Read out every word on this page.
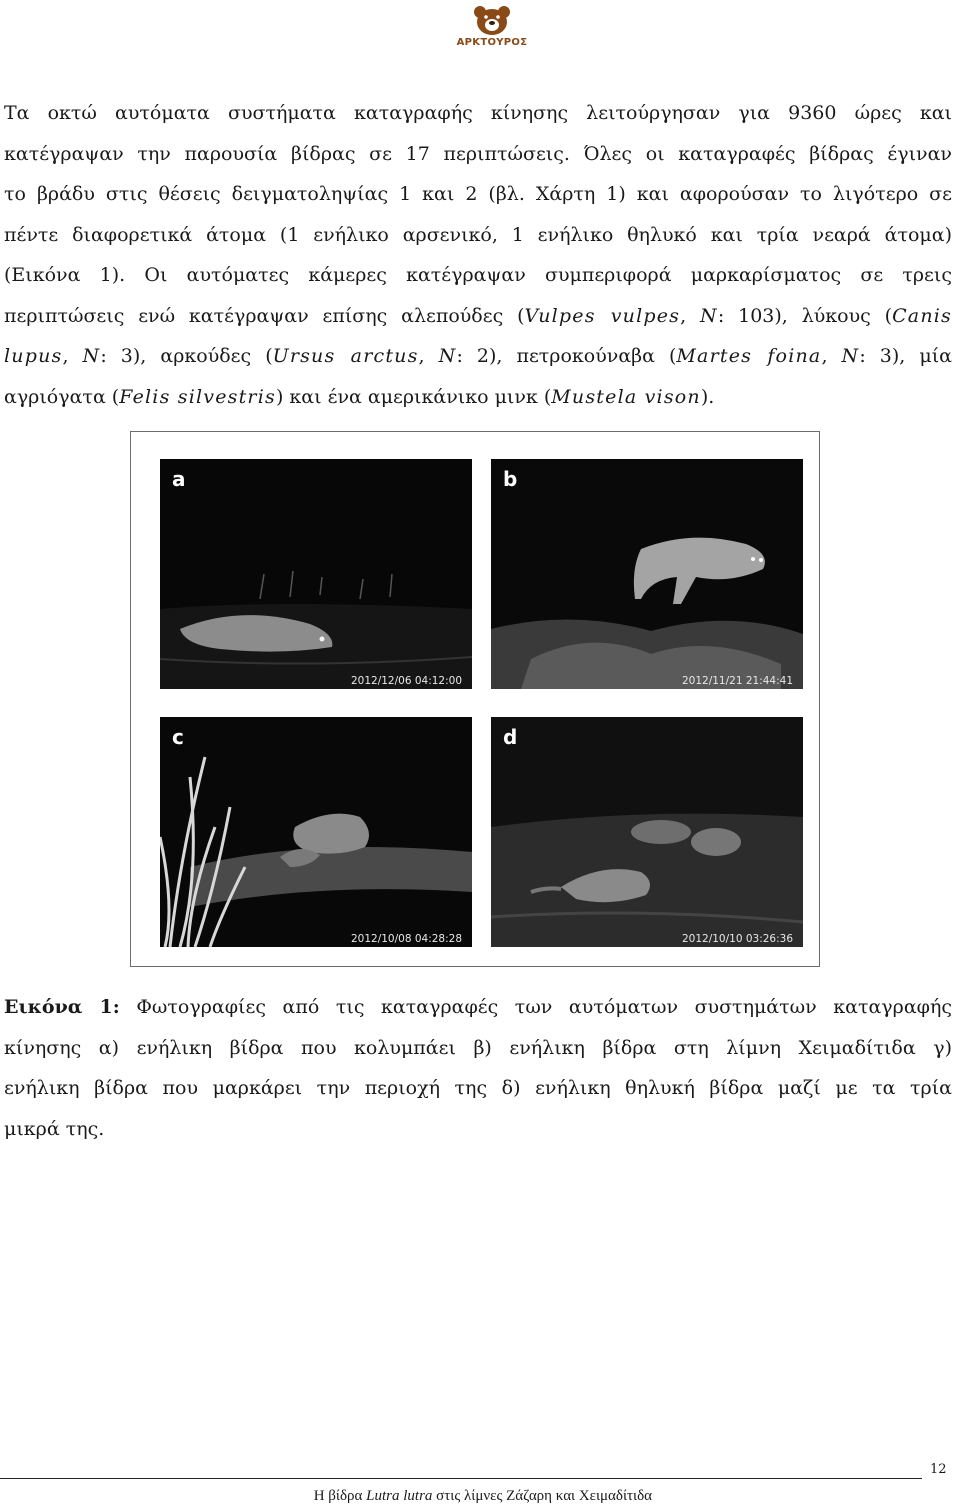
ΑΡΚΤΟΥΡΟΣ
Τα οκτώ αυτόματα συστήματα καταγραφής κίνησης λειτούργησαν για 9360 ώρες και
κατέγραψαν την παρουσία βίδρας σε 17 περιπτώσεις. Όλες οι καταγραφές βίδρας έγιναν
το βράδυ στις θέσεις δειγματοληψίας 1 και 2 (βλ. Χάρτη 1) και αφορούσαν το λιγότερο σε
πέντε διαφορετικά άτομα (1 ενήλικο αρσενικό, 1 ενήλικο θηλυκό και τρία νεαρά άτομα)
(Εικόνα 1). Οι αυτόματες κάμερες κατέγραψαν συμπεριφορά μαρκαρίσματος σε τρεις
περιπτώσεις ενώ κατέγραψαν επίσης αλεπούδες (Vulpes vulpes, N: 103), λύκους (Canis
lupus, N: 3), αρκούδες (Ursus arctus, N: 2), πετροκούναβα (Martes foina, N: 3), μία
αγριόγατα (Felis silvestris) και ένα αμερικάνικο μινκ (Mustela vison).
a
2012/12/06 04:12:00
b
2012/11/21 21:44:41
c
2012/10/08 04:28:28
d
2012/10/10 03:26:36
Εικόνα 1: Φωτογραφίες από τις καταγραφές των αυτόματων συστημάτων καταγραφής
κίνησης α) ενήλικη βίδρα που κολυμπάει β) ενήλικη βίδρα στη λίμνη Χειμαδίτιδα γ)
ενήλικη βίδρα που μαρκάρει την περιοχή της δ) ενήλικη θηλυκή βίδρα μαζί με τα τρία
μικρά της.
12
Η βίδρα Lutra lutra στις λίμνες Ζάζαρη και Χειμαδίτιδα
